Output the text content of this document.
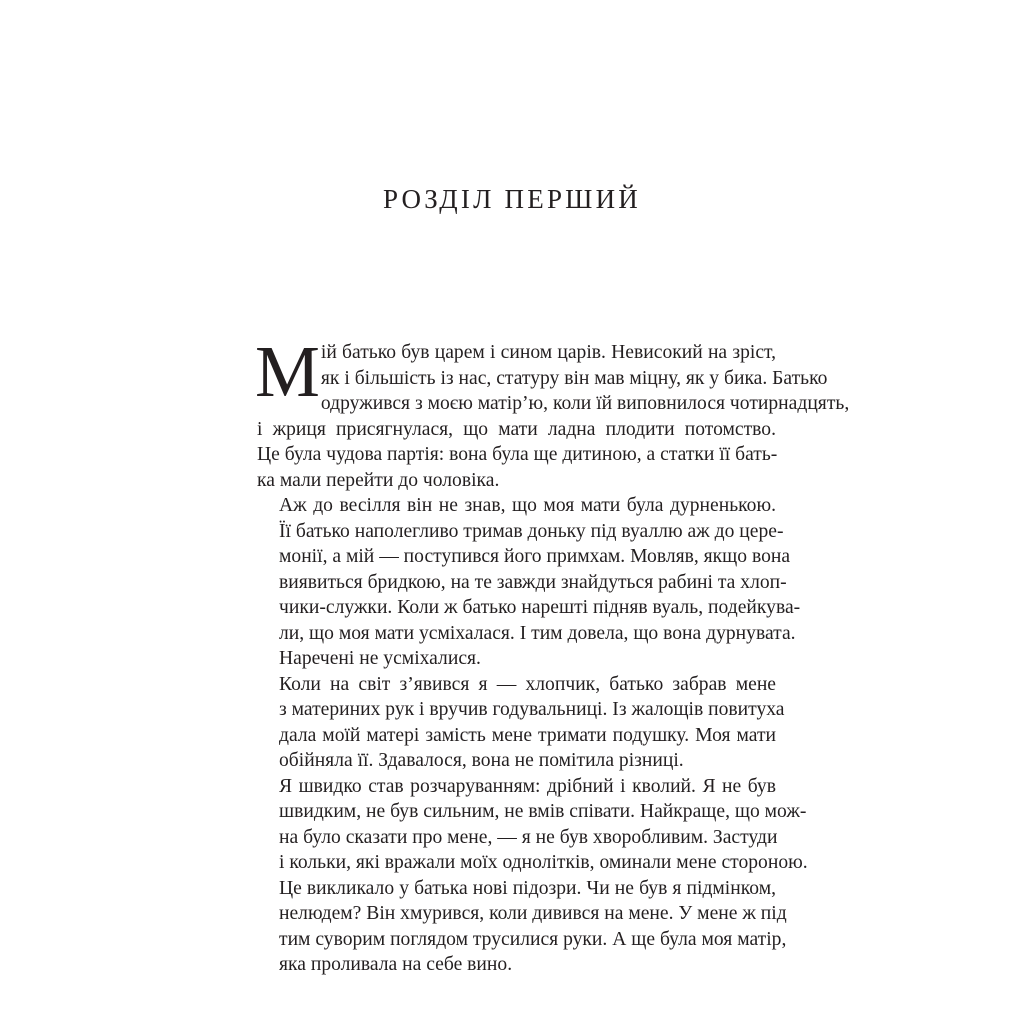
РОЗДІЛ ПЕРШИЙ
М ій батько був царем і сином царів. Невисокий на зріст,
як і більшість із нас, статуру він мав міцну, як у бика. Батько
одружився з моєю матір’ю, коли їй виповнилося чотирнадцять,
і жриця присягнулася, що мати ладна плодити потомство.
Це була чудова партія: вона була ще дитиною, а статки її бать-
ка мали перейти до чоловіка.
Аж до весілля він не знав, що моя мати була дурненькою.
Її батько наполегливо тримав доньку під вуаллю аж до цере-
монії, а мій — поступився його примхам. Мовляв, якщо вона
виявиться бридкою, на те завжди знайдуться рабині та хлоп-
чики-служки. Коли ж батько нарешті підняв вуаль, подейкува-
ли, що моя мати усміхалася. І тим довела, що вона дурнувата.
Наречені не усміхалися.
Коли на світ з’явився я — хлопчик, батько забрав мене
з материних рук і вручив годувальниці. Із жалощів повитуха
дала моїй матері замість мене тримати подушку. Моя мати
обійняла її. Здавалося, вона не помітила різниці.
Я швидко став розчаруванням: дрібний і кволий. Я не був
швидким, не був сильним, не вмів співати. Найкраще, що мож-
на було сказати про мене, — я не був хворобливим. Застуди
і кольки, які вражали моїх однолітків, оминали мене стороною.
Це викликало у батька нові підозри. Чи не був я підмінком,
нелюдем? Він хмурився, коли дивився на мене. У мене ж під
тим суворим поглядом трусилися руки. А ще була моя матір,
яка проливала на себе вино.
